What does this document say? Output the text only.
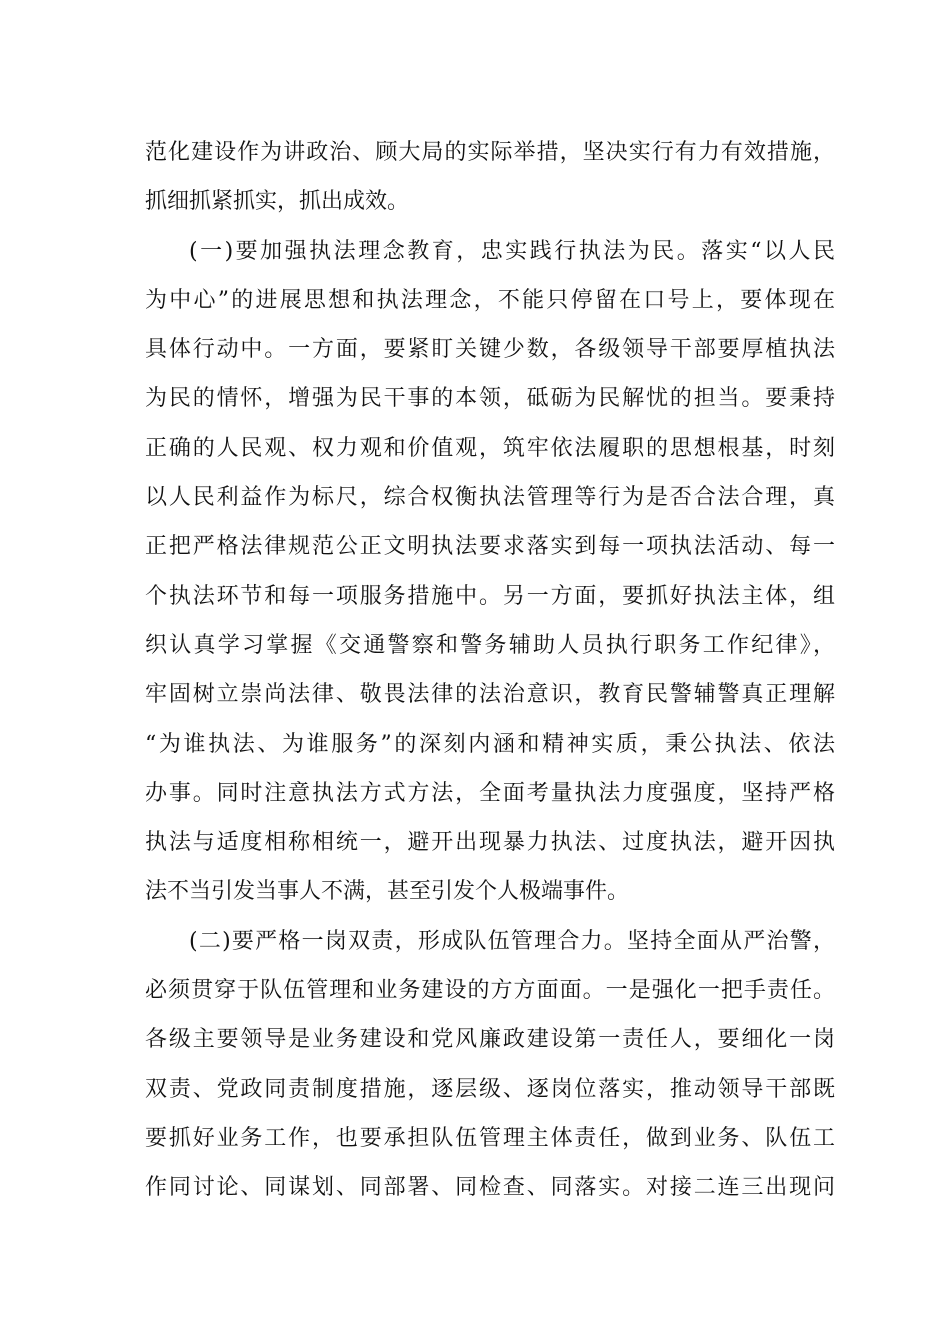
范化建设作为讲政治、顾大局的实际举措，坚决实行有力有效措施，
抓细抓紧抓实，抓出成效。
(一)要加强执法理念教育，忠实践行执法为民。落实“以人民
为中心”的进展思想和执法理念，不能只停留在口号上，要体现在
具体行动中。一方面，要紧盯关键少数，各级领导干部要厚植执法
为民的情怀，增强为民干事的本领，砥砺为民解忧的担当。要秉持
正确的人民观、权力观和价值观，筑牢依法履职的思想根基，时刻
以人民利益作为标尺，综合权衡执法管理等行为是否合法合理，真
正把严格法律规范公正文明执法要求落实到每一项执法活动、每一
个执法环节和每一项服务措施中。另一方面，要抓好执法主体，组
织认真学习掌握《交通警察和警务辅助人员执行职务工作纪律》，
牢固树立崇尚法律、敬畏法律的法治意识，教育民警辅警真正理解
“为谁执法、为谁服务”的深刻内涵和精神实质，秉公执法、依法
办事。同时注意执法方式方法，全面考量执法力度强度，坚持严格
执法与适度相称相统一，避开出现暴力执法、过度执法，避开因执
法不当引发当事人不满，甚至引发个人极端事件。
(二)要严格一岗双责，形成队伍管理合力。坚持全面从严治警，
必须贯穿于队伍管理和业务建设的方方面面。一是强化一把手责任。
各级主要领导是业务建设和党风廉政建设第一责任人，要细化一岗
双责、党政同责制度措施，逐层级、逐岗位落实，推动领导干部既
要抓好业务工作，也要承担队伍管理主体责任，做到业务、队伍工
作同讨论、同谋划、同部署、同检查、同落实。对接二连三出现问
